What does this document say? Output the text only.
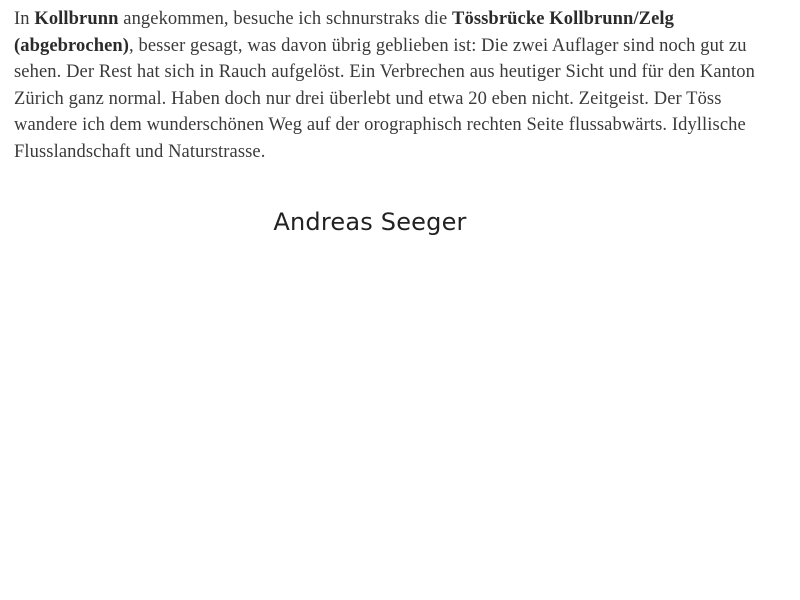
In Kollbrunn angekommen, besuche ich schnurstraks die Tössbrücke Kollbrunn/Zelg (abgebrochen), besser gesagt, was davon übrig geblieben ist: Die zwei Auflager sind noch gut zu sehen. Der Rest hat sich in Rauch aufgelöst. Ein Verbrechen aus heutiger Sicht und für den Kanton Zürich ganz normal. Haben doch nur drei überlebt und etwa 20 eben nicht. Zeitgeist. Der Töss wandere ich dem wunderschönen Weg auf der orographisch rechten Seite flussabwärts. Idyllische Flusslandschaft und Naturstrasse.

Andreas Seeger
